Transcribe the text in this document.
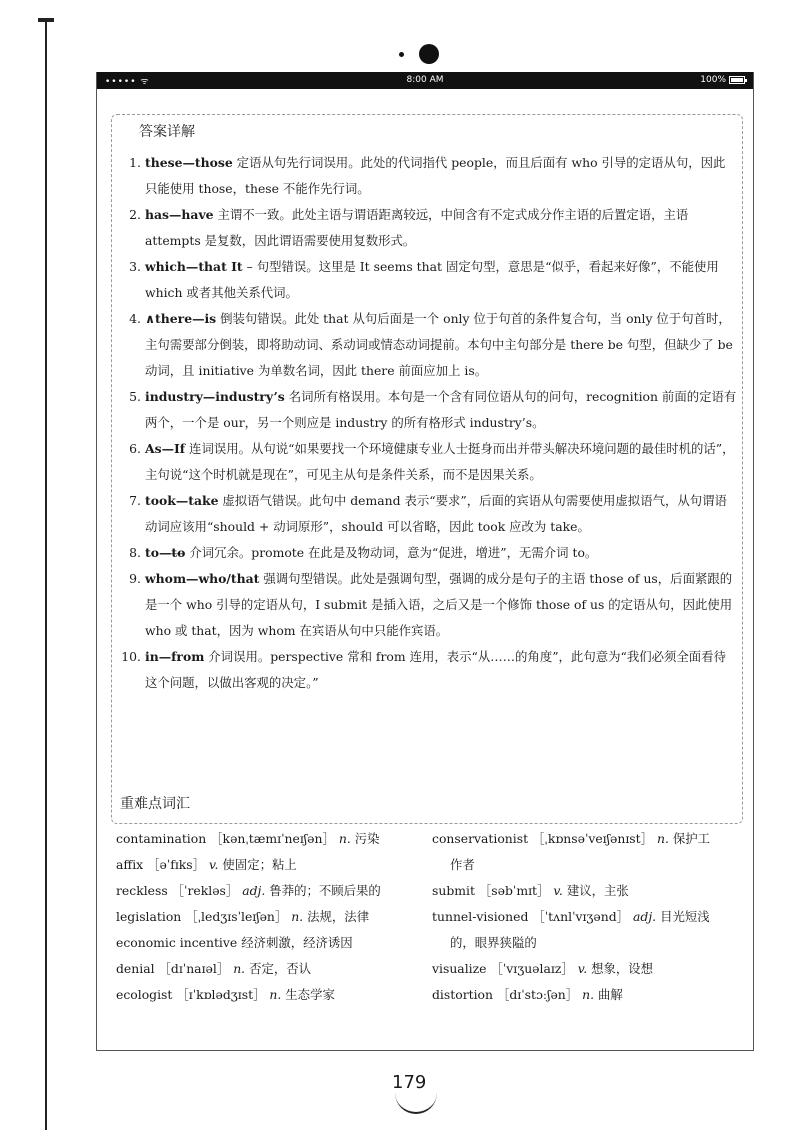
••••• ᯤ	8:00 AM	100%
答案详解
1. these—those 定语从句先行词误用。此处的代词指代 people，而且后面有 who 引导的定语从句，因此只能使用 those，these 不能作先行词。
2. has—have 主谓不一致。此处主语与谓语距离较远，中间含有不定式成分作主语的后置定语，主语 attempts 是复数，因此谓语需要使用复数形式。
3. which—that It – 句型错误。这里是 It seems that 固定句型，意思是“似乎，看起来好像”，不能使用 which 或者其他关系代词。
4. ∧there—is 倒装句错误。此处 that 从句后面是一个 only 位于句首的条件复合句，当 only 位于句首时，主句需要部分倒装，即将助动词、系动词或情态动词提前。本句中主句部分是 there be 句型，但缺少了 be 动词，且 initiative 为单数名词，因此 there 前面应加上 is。
5. industry—industry’s 名词所有格误用。本句是一个含有同位语从句的问句，recognition 前面的定语有两个，一个是 our，另一个则应是 industry 的所有格形式 industry’s。
6. As—If 连词误用。从句说“如果要找一个环境健康专业人士挺身而出并带头解决环境问题的最佳时机的话”，主句说“这个时机就是现在”，可见主从句是条件关系，而不是因果关系。
7. took—take 虚拟语气错误。此句中 demand 表示“要求”，后面的宾语从句需要使用虚拟语气，从句谓语动词应该用“should + 动词原形”，should 可以省略，因此 took 应改为 take。
8. to—t̶o̶ 介词冗余。promote 在此是及物动词，意为“促进，增进”，无需介词 to。
9. whom—who/that 强调句型错误。此处是强调句型，强调的成分是句子的主语 those of us，后面紧跟的是一个 who 引导的定语从句，I submit 是插入语，之后又是一个修饰 those of us 的定语从句，因此使用 who 或 that，因为 whom 在宾语从句中只能作宾语。
10. in—from 介词误用。perspective 常和 from 连用，表示“从……的角度”，此句意为“我们必须全面看待这个问题，以做出客观的决定。”
重难点词汇
contamination ［kənˌtæmɪˈneɪʃən］ n. 污染
affix ［əˈfɪks］ v. 使固定；粘上
reckless ［ˈrekləs］ adj. 鲁莽的；不顾后果的
legislation ［ˌledʒɪsˈleɪʃən］ n. 法规，法律
economic incentive 经济刺激，经济诱因
denial ［dɪˈnaɪəl］ n. 否定，否认
ecologist ［ɪˈkɒlədʒɪst］ n. 生态学家
conservationist ［ˌkɒnsəˈveɪʃənɪst］ n. 保护工
作者
submit ［səbˈmɪt］ v. 建议，主张
tunnel-visioned ［ˈtʌnlˈvɪʒənd］ adj. 目光短浅
的，眼界狭隘的
visualize ［ˈvɪʒuəlaɪz］ v. 想象，设想
distortion ［dɪˈstɔːʃən］ n. 曲解
179
